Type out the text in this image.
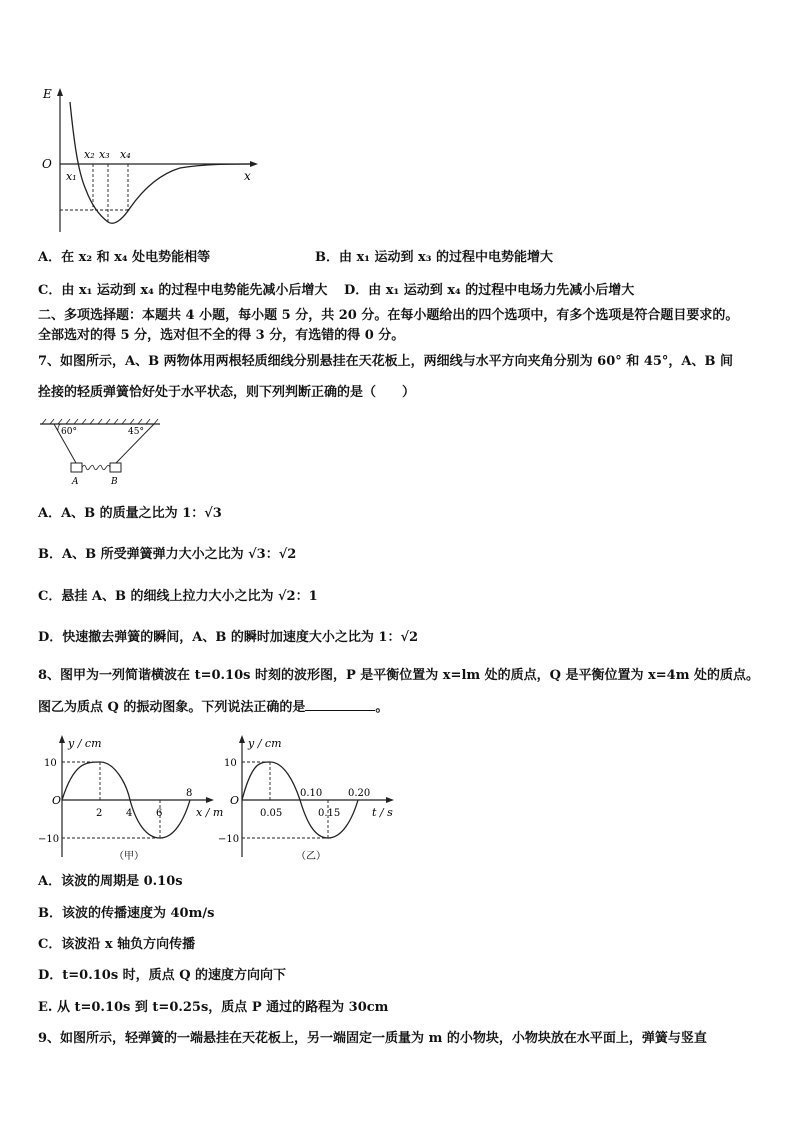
E
x
O
x₁
x₂ x₃ x₄
A．在 x₂ 和 x₄ 处电势能相等	B．由 x₁ 运动到 x₃ 的过程中电势能增大
C．由 x₁ 运动到 x₄ 的过程中电势能先减小后增大 D．由 x₁ 运动到 x₄ 的过程中电场力先减小后增大
二、多项选择题：本题共 4 小题，每小题 5 分，共 20 分。在每小题给出的四个选项中，有多个选项是符合题目要求的。
全部选对的得 5 分，选对但不全的得 3 分，有选错的得 0 分。
7、如图所示，A、B 两物体用两根轻质细线分别悬挂在天花板上，两细线与水平方向夹角分别为 60° 和 45°，A、B 间
拴接的轻质弹簧恰好处于水平状态，则下列判断正确的是（　　）
60°	45°
A	B
A．A、B 的质量之比为 1：√3
B．A、B 所受弹簧弹力大小之比为 √3：√2
C．悬挂 A、B 的细线上拉力大小之比为 √2：1
D．快速撤去弹簧的瞬间，A、B 的瞬时加速度大小之比为 1：√2
8、图甲为一列简谐横波在 t=0.10s 时刻的波形图，P 是平衡位置为 x=lm 处的质点，Q 是平衡位置为 x=4m 处的质点。
图乙为质点 Q 的振动图象。下列说法正确的是	。
y / cm
x / m
O
10
−10
2 4 6
8
（甲）
y / cm
t / s
O
10
−10
0.05
0.10
0.15
0.20
（乙）
A．该波的周期是 0.10s
B．该波的传播速度为 40m/s
C．该波沿 x 轴负方向传播
D．t=0.10s 时，质点 Q 的速度方向向下
E. 从 t=0.10s 到 t=0.25s，质点 P 通过的路程为 30cm
9、如图所示，轻弹簧的一端悬挂在天花板上，另一端固定一质量为 m 的小物块，小物块放在水平面上，弹簧与竖直
